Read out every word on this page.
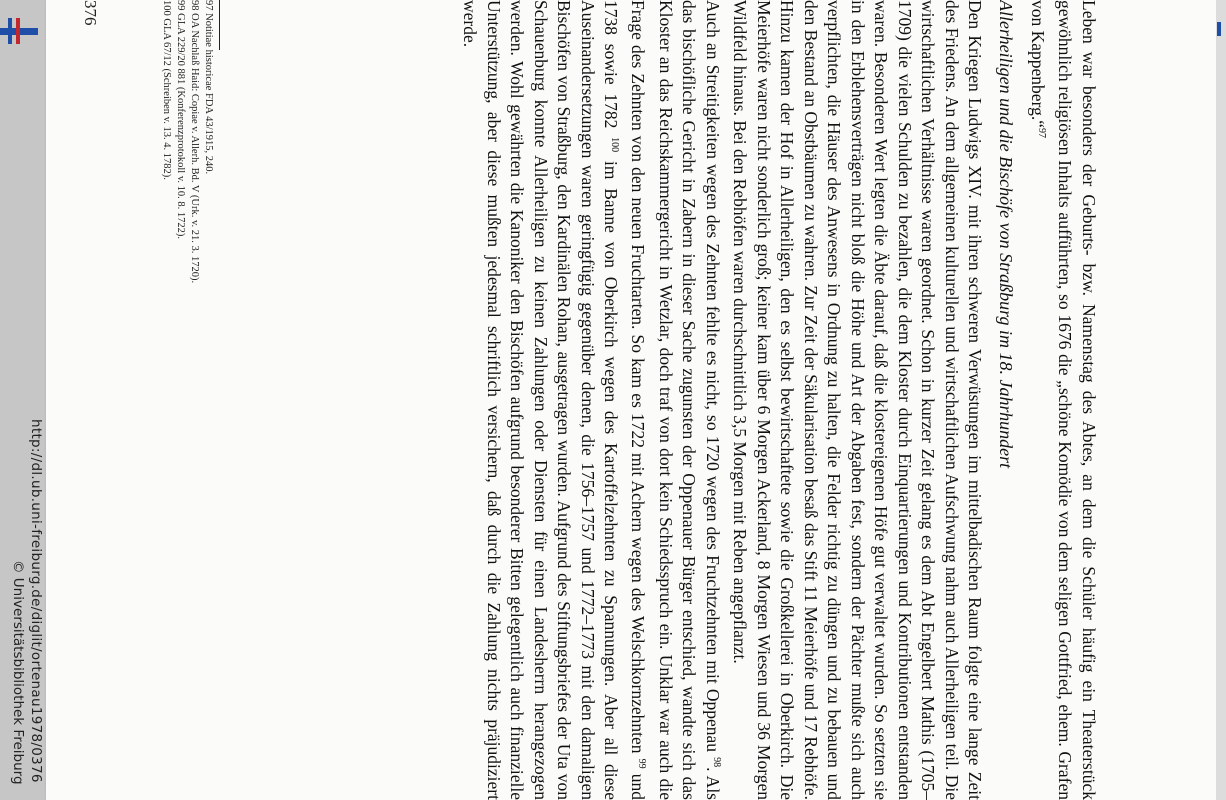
http://dl.ub.uni-freiburg.de/diglit/ortenau1978/0376
© Universitätsbibliothek Freiburg	Leben war besonders der Geburts- bzw. Namenstag des Abtes, an dem die Schüler häufig ein Theaterstück gewöhnlich religiösen Inhalts aufführten, so 1676 die „schöne Komödie von dem seligen Gottfried, ehem. Grafen von Kappenberg.“$^{97}$

Allerheiligen und die Bischöfe von Straßburg im 18. Jahrhundert

Den Kriegen Ludwigs XIV. mit ihren schweren Verwüstungen im mittelbadischen Raum folgte eine lange Zeit des Friedens. An dem allgemeinen kulturellen und wirtschaftlichen Aufschwung nahm auch Allerheiligen teil. Die wirtschaftlichen Verhältnisse waren geordnet. Schon in kurzer Zeit gelang es dem Abt Engelbert Mathis (1705–1709) die vielen Schulden zu bezahlen, die dem Kloster durch Einquartierungen und Kontributionen entstanden waren. Besonderen Wert legten die Äbte darauf, daß die klostereigenen Höfe gut verwaltet wurden. So setzten sie in den Erblehensverträgen nicht bloß die Höhe und Art der Abgaben fest, sondern der Pächter mußte sich auch verpflichten, die Häuser des Anwesens in Ordnung zu halten, die Felder richtig zu düngen und zu bebauen und den Bestand an Obstbäumen zu wahren. Zur Zeit der Säkularisation besaß das Stift 11 Meierhöfe und 17 Rebhöfe. Hinzu kamen der Hof in Allerheiligen, den es selbst bewirtschaftete sowie die Großkellerei in Oberkirch. Die Meierhöfe waren nicht sonderlich groß; keiner kam über 6 Morgen Ackerland, 8 Morgen Wiesen und 36 Morgen Wildfeld hinaus. Bei den Rebhöfen waren durchschnittlich 3,5 Morgen mit Reben angepflanzt.

Auch an Streitigkeiten wegen des Zehnten fehlte es nicht, so 1720 wegen des Fruchtzehnten mit Oppenau $^{98}$. Als das bischöfliche Gericht in Zabern in dieser Sache zugunsten der Oppenauer Bürger entschied, wandte sich das Kloster an das Reichskammergericht in Wetzlar, doch traf von dort kein Schiedsspruch ein. Unklar war auch die Frage des Zehnten von den neuen Fruchtarten. So kam es 1722 mit Achern wegen des Welschkornzehnten $^{99}$ und 1738 sowie 1782 $^{100}$ im Banne von Oberkirch wegen des Kartoffelzehnten zu Spannungen. Aber all diese Auseinandersetzungen waren geringfügig gegenüber denen, die 1756–1757 und 1772–1773 mit den damaligen Bischöfen von Straßburg, den Kardinälen Rohan, ausgetragen wurden. Aufgrund des Stiftungsbriefes der Uta von Schauenburg konnte Allerheiligen zu keinen Zahlungen oder Diensten für einen Landesherrn herangezogen werden. Wohl gewährten die Kanoniker den Bischöfen aufgrund besonderer Bitten gelegentlich auch finanzielle Unterstützung, aber diese mußten jedesmal schriftlich versichern, daß durch die Zahlung nichts präjudiziert werde.

97 Notitiae historicae FDA 43/1915, 240.
98 OA Nachlaß Haid: Copiae v. Allerh. Bd. V (Urk. v. 21. 3. 1720).
99 GLA 229/20 881 (Konferenzprotokoll v. 10. 8. 1722).
100 GLA 67/12 (Schreiben v. 13. 4. 1782).
376
